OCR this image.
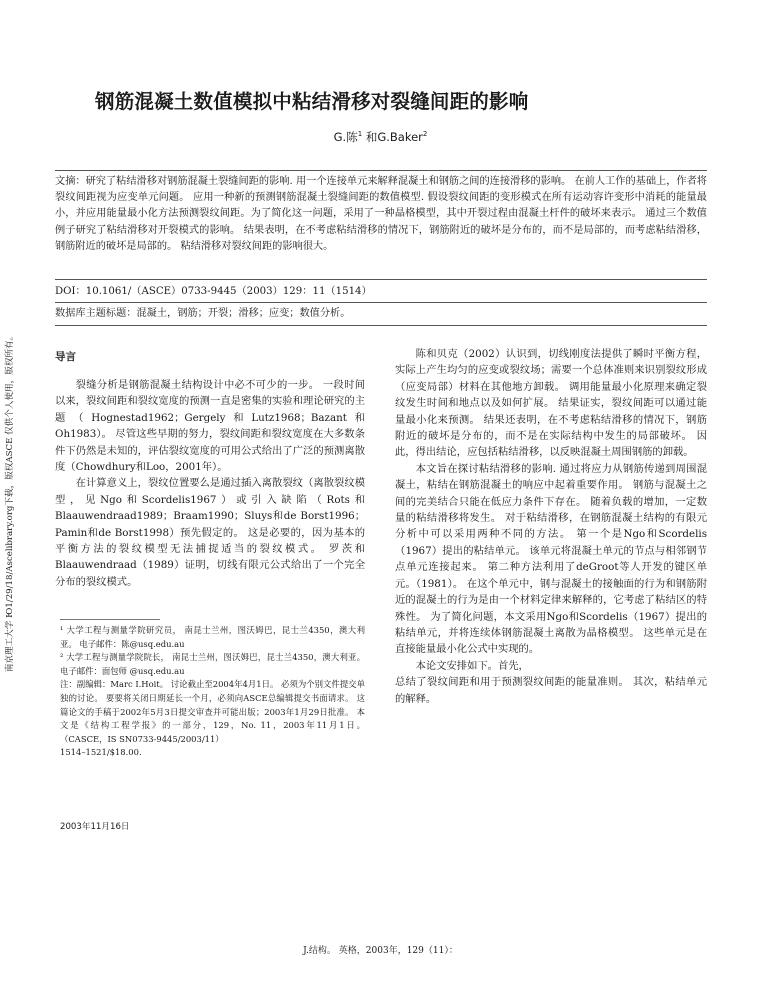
钢筋混凝土数值模拟中粘结滑移对裂缝间距的影响
G.陈$^1$ 和G.Baker$^2$
文摘：研究了粘结滑移对钢筋混凝土裂缝间距的影响. 用一个连接单元来解释混凝土和钢筋之间的连接滑移的影响。 在前人工作的基础上，作者将裂纹间距视为应变单元问题。 应用一种新的预测钢筋混凝土裂缝间距的数值模型. 假设裂纹间距的变形模式在所有运动容许变形中消耗的能量最小，并应用能量最小化方法预测裂纹间距。为了简化这一问题，采用了一种晶格模型，其中开裂过程由混凝土杆件的破坏来表示。 通过三个数值例子研究了粘结滑移对开裂模式的影响。 结果表明，在不考虑粘结滑移的情况下，钢筋附近的破坏是分布的，而不是局部的，而考虑粘结滑移，钢筋附近的破坏是局部的。 粘结滑移对裂纹间距的影响很大。
DOI：10.1061/（ASCE）0733-9445（2003）129：11（1514）
数据库主题标题：混凝土，钢筋；开裂；滑移；应变；数值分析。
导言

裂缝分析是钢筋混凝土结构设计中必不可少的一步。 一段时间以来，裂纹间距和裂纹宽度的预测一直是密集的实验和理论研究的主题（Hognestad1962；Gergely和Lutz1968；Bazant和Oh1983）。 尽管这些早期的努力，裂纹间距和裂纹宽度在大多数条件下仍然是未知的，评估裂纹宽度的可用公式给出了广泛的预测离散度（Chowdhury和Loo，2001年）。

在计算意义上，裂纹位置要么是通过插入离散裂纹（离散裂纹模型，见Ngo和Scordelis1967）或引入缺陷（Rots和Blaauwendraad1989；Braam1990；Sluys和de Borst1996；Pamin和de Borst1998）预先假定的。 这是必要的，因为基本的平衡方法的裂纹模型无法捕捉适当的裂纹模式。 罗茨和Blaauwendraad（1989）证明，切线有限元公式给出了一个完全分布的裂纹模式。

陈和贝克（2002）认识到，切线刚度法提供了瞬时平衡方程，实际上产生均匀的应变或裂纹场；需要一个总体准则来识别裂纹形成（应变局部）材料在其他地方卸载。 调用能量最小化原理来确定裂纹发生时间和地点以及如何扩展。 结果证实，裂纹间距可以通过能量最小化来预测。 结果还表明，在不考虑粘结滑移的情况下，钢筋附近的破坏是分布的，而不是在实际结构中发生的局部破坏。 因此，得出结论，应包括粘结滑移，以反映混凝土周围钢筋的卸载。

本文旨在探讨粘结滑移的影响. 通过将应力从钢筋传递到周围混凝土，粘结在钢筋混凝土的响应中起着重要作用。 钢筋与混凝土之间的完美结合只能在低应力条件下存在。 随着负载的增加，一定数量的粘结滑移将发生。 对于粘结滑移，在钢筋混凝土结构的有限元分析中可以采用两种不同的方法。 第一个是Ngo和Scordelis（1967）提出的粘结单元。 该单元将混凝土单元的节点与相邻钢节点单元连接起来。 第二种方法利用了deGroot等人开发的键区单元。（1981）。 在这个单元中，钢与混凝土的接触面的行为和钢筋附近的混凝土的行为是由一个材料定律来解释的，它考虑了粘结区的特殊性。 为了简化问题，本文采用Ngo和Scordelis（1967）提出的粘结单元，并将连续体钢筋混凝土离散为晶格模型。 这些单元是在直接能量最小化公式中实现的。

本论文安排如下。首先，

总结了裂纹间距和用于预测裂纹间距的能量准则。 其次，粘结单元的解释。

¹ 大学工程与测量学院研究员， 南昆士兰州，图沃姆巴，昆士兰4350，澳大利亚。 电子邮件：陈@usq.edu.au

² 大学工程与测量学院院长， 南昆士兰州，图沃姆巴，昆士兰4350，澳大利亚。 电子邮件：面包师 @usq.edu.au

注：副编辑：Marc I.Hoit。 讨论截止至2004年4月1日。 必须为个别文件提交单独的讨论。 要要将关闭日期延长一个月，必须向ASCE总编辑提交书面请求。 这篇论文的手稿于2002年5月3日提交审查并可能出版；2003年1月29日批准。 本文是《结构工程学报》的一部分，129，No. 11，2003年11月1日。 （CASCE，IS SN0733-9445/2003/11）

1514–1521/$18.00.

2003年11月16日
J.结构。 英格，2003年，129（11）：
南京理工大学 Ю1/29/18/Ascelibrary.org下载，版权ASCE 仅供个人使用，版权所有。
